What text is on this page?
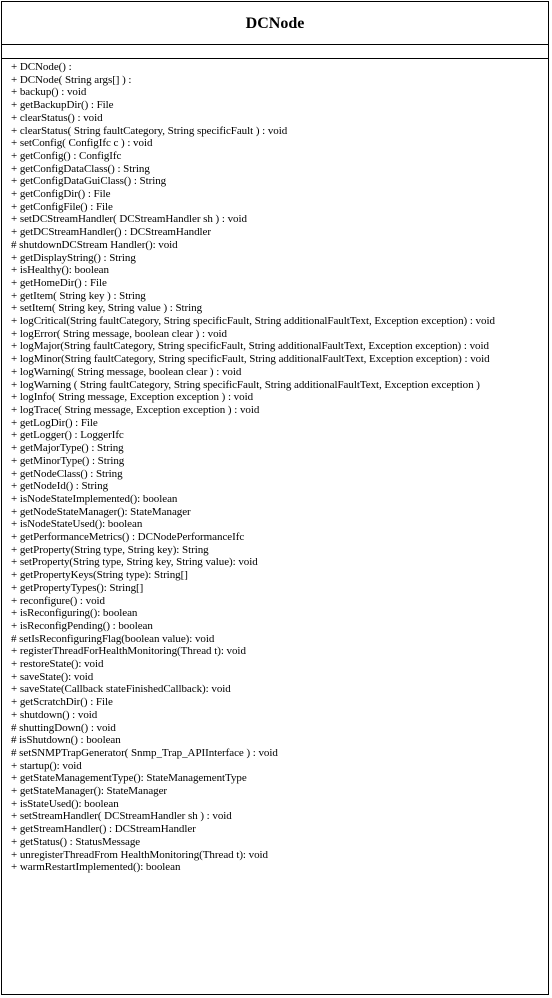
DCNode
+ DCNode() :
+ DCNode( String args[] ) :
+ backup() : void
+ getBackupDir() : File
+ clearStatus() : void
+ clearStatus( String faultCategory, String specificFault ) : void
+ setConfig( ConfigIfc c ) : void
+ getConfig() : ConfigIfc
+ getConfigDataClass() : String
+ getConfigDataGuiClass() : String
+ getConfigDir() : File
+ getConfigFile() : File
+ setDCStreamHandler( DCStreamHandler sh ) : void
+ getDCStreamHandler() : DCStreamHandler
# shutdownDCStream Handler(): void
+ getDisplayString() : String
+ isHealthy(): boolean
+ getHomeDir() : File
+ getItem( String key ) : String
+ setItem( String key, String value ) : String
+ logCritical(String faultCategory, String specificFault, String additionalFaultText, Exception exception) : void
+ logError( String message, boolean clear ) : void
+ logMajor(String faultCategory, String specificFault, String additionalFaultText, Exception exception) : void
+ logMinor(String faultCategory, String specificFault, String additionalFaultText, Exception exception) : void
+ logWarning( String message, boolean clear ) : void
+ logWarning ( String faultCategory, String specificFault, String additionalFaultText, Exception exception )
+ logInfo( String message, Exception exception ) : void
+ logTrace( String message, Exception exception ) : void
+ getLogDir() : File
+ getLogger() : LoggerIfc
+ getMajorType() : String
+ getMinorType() : String
+ getNodeClass() : String
+ getNodeId() : String
+ isNodeStateImplemented(): boolean
+ getNodeStateManager(): StateManager
+ isNodeStateUsed(): boolean
+ getPerformanceMetrics() : DCNodePerformanceIfc
+ getProperty(String type, String key): String
+ setProperty(String type, String key, String value): void
+ getPropertyKeys(String type): String[]
+ getPropertyTypes(): String[]
+ reconfigure() : void
+ isReconfiguring(): boolean
+ isReconfigPending() : boolean
# setIsReconfiguringFlag(boolean value): void
+ registerThreadForHealthMonitoring(Thread t): void
+ restoreState(): void
+ saveState(): void
+ saveState(Callback stateFinishedCallback): void
+ getScratchDir() : File
+ shutdown() : void
# shuttingDown() : void
# isShutdown() : boolean
# setSNMPTrapGenerator( Snmp_Trap_APIInterface ) : void
+ startup(): void
+ getStateManagementType(): StateManagementType
+ getStateManager(): StateManager
+ isStateUsed(): boolean
+ setStreamHandler( DCStreamHandler sh ) : void
+ getStreamHandler() : DCStreamHandler
+ getStatus() : StatusMessage
+ unregisterThreadFrom HealthMonitoring(Thread t): void
+ warmRestartImplemented(): boolean
